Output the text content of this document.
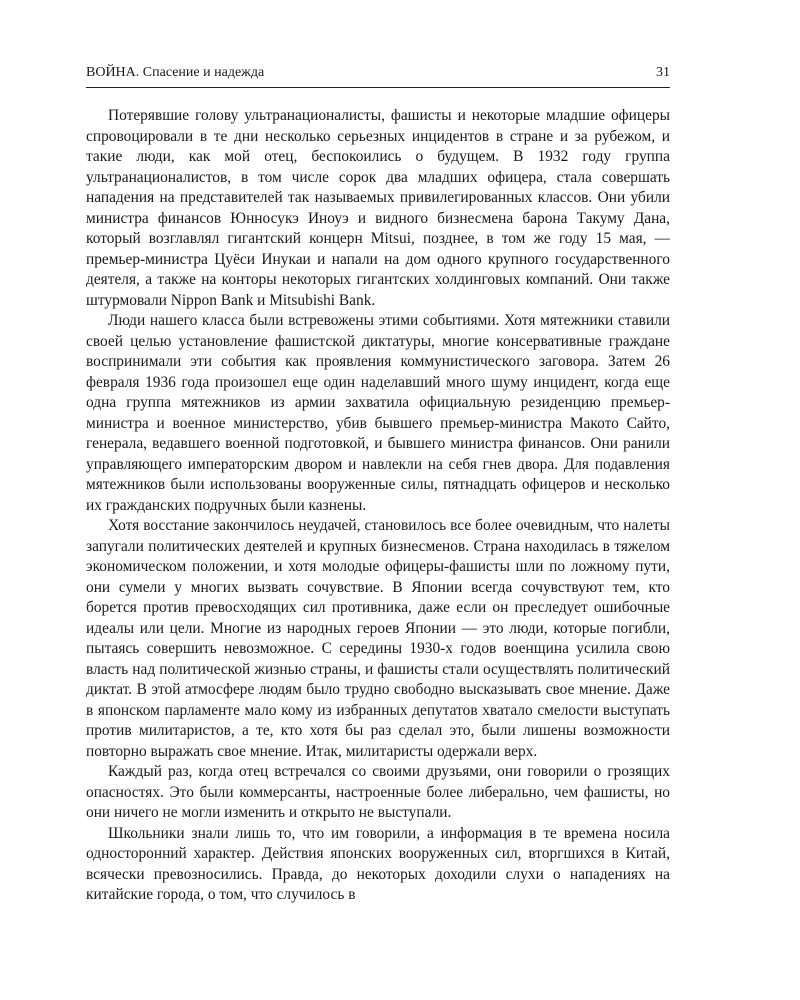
ВОЙНА. Спасение и надежда	31

Потерявшие голову ультранационалисты, фашисты и некоторые младшие офицеры спровоцировали в те дни несколько серьезных инцидентов в стране и за рубежом, и такие люди, как мой отец, беспокоились о будущем. В 1932 году группа ультранационалистов, в том числе сорок два младших офицера, стала совершать нападения на представителей так называемых привилегированных классов. Они убили министра финансов Юнносукэ Иноуэ и видного бизнесмена барона Такуму Дана, который возглавлял гигантский концерн Mitsui, позднее, в том же году 15 мая, — премьер-министра Цуёси Инукаи и напали на дом одного крупного государственного деятеля, а также на конторы некоторых гигантских холдинговых компаний. Они также штурмовали Nippon Bank и Mitsubishi Bank.

Люди нашего класса были встревожены этими событиями. Хотя мятежники ставили своей целью установление фашистской диктатуры, многие консервативные граждане воспринимали эти события как проявления коммунистического заговора. Затем 26 февраля 1936 года произошел еще один наделавший много шуму инцидент, когда еще одна группа мятежников из армии захватила официальную резиденцию премьер-министра и военное министерство, убив бывшего премьер-министра Макото Сайто, генерала, ведавшего военной подготовкой, и бывшего министра финансов. Они ранили управляющего императорским двором и навлекли на себя гнев двора. Для подавления мятежников были использованы вооруженные силы, пятнадцать офицеров и несколько их гражданских подручных были казнены.

Хотя восстание закончилось неудачей, становилось все более очевидным, что налеты запугали политических деятелей и крупных бизнесменов. Страна находилась в тяжелом экономическом положении, и хотя молодые офицеры-фашисты шли по ложному пути, они сумели у многих вызвать сочувствие. В Японии всегда сочувствуют тем, кто борется против превосходящих сил противника, даже если он преследует ошибочные идеалы или цели. Многие из народных героев Японии — это люди, которые погибли, пытаясь совершить невозможное. С середины 1930-х годов военщина усилила свою власть над политической жизнью страны, и фашисты стали осуществлять политический диктат. В этой атмосфере людям было трудно свободно высказывать свое мнение. Даже в японском парламенте мало кому из избранных депутатов хватало смелости выступать против милитаристов, а те, кто хотя бы раз сделал это, были лишены возможности повторно выражать свое мнение. Итак, милитаристы одержали верх.

Каждый раз, когда отец встречался со своими друзьями, они говорили о грозящих опасностях. Это были коммерсанты, настроенные более либерально, чем фашисты, но они ничего не могли изменить и открыто не выступали.

Школьники знали лишь то, что им говорили, а информация в те времена носила односторонний характер. Действия японских вооруженных сил, вторгшихся в Китай, всячески превозносились. Правда, до некоторых доходили слухи о нападениях на китайские города, о том, что случилось в
